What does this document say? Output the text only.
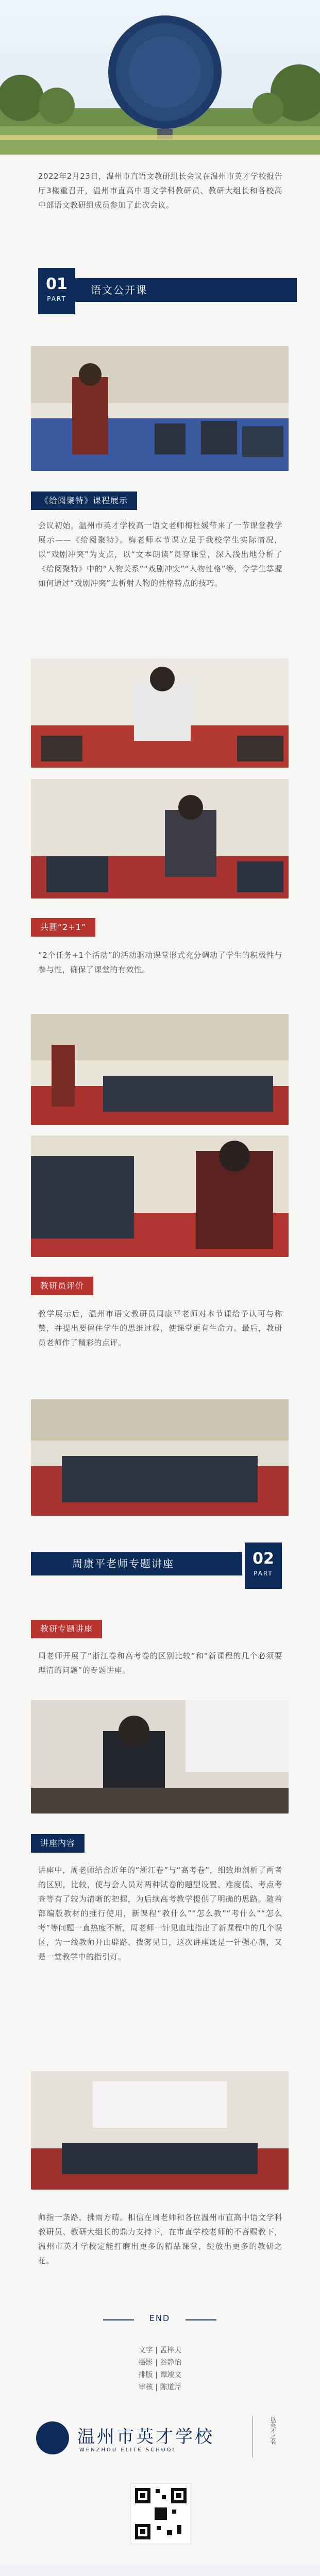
2022年2月23日，温州市直语文教研组长会议在温州市英才学校报告厅3楼重召开，温州市直高中语文学科教研员、教研大组长和各校高中部语文教研组成员参加了此次会议。
01
PART
语文公开课
《给阅聚特》课程展示
会议初始，温州市英才学校高一语文老师梅杜媛带来了一节课堂教学展示——《给阅聚特》。梅老师本节课立足于我校学生实际情况，以“戏剧冲突”为支点，以“文本朗读”贯穿课堂，深入浅出地分析了《给阅聚特》中的“人物关系”“戏剧冲突”“人物性格”等，令学生掌握如何通过“戏剧冲突”去析射人物的性格特点的技巧。
共圆“2+1”
“2个任务+1个活动”的活动驱动课堂形式充分调动了学生的积极性与参与性，确保了课堂的有效性。
教研员评价
教学展示后，温州市语文教研员周康平老师对本节课给予认可与称赞，并提出要留住学生的思维过程，使课堂更有生命力。最后，教研员老师作了精彩的点评。
周康平老师专题讲座	02
PART
教研专题讲座
周老师开展了“浙江卷和高考卷的区别比较”和“新课程的几个必须要理清的问题”的专题讲座。
讲座内容
讲座中，周老师结合近年的“浙江卷”与“高考卷”，细致地剖析了两者的区别，比较，使与会人员对两种试卷的题型设置、难度值、考点考查等有了较为清晰的把握，为后续高考教学提供了明确的思路。随着部编版教材的推行使用，新课程“教什么”“怎么教”“考什么”“怎么考”等问题一直热度不断，周老师一针见血地指出了新课程中的几个误区，为一线教师开山辟路、拨雾见日，这次讲座既是一针强心剂，又是一堂教学中的指引灯。
师指一条路，拂雨方晴。相信在周老师和各位温州市直高中语文学科教研员、教研大组长的鼎力支持下，在市直学校老师的不吝赐教下，温州市英才学校定能打磨出更多的精品课堂，绽放出更多的教研之花。
END
文字 | 孟梓天
摄影 | 谷静怡
排版 | 谭竣文
审核 | 陈道芹
温州市英才学校
WENZHOU ELITE SCHOOL
以英才之名
